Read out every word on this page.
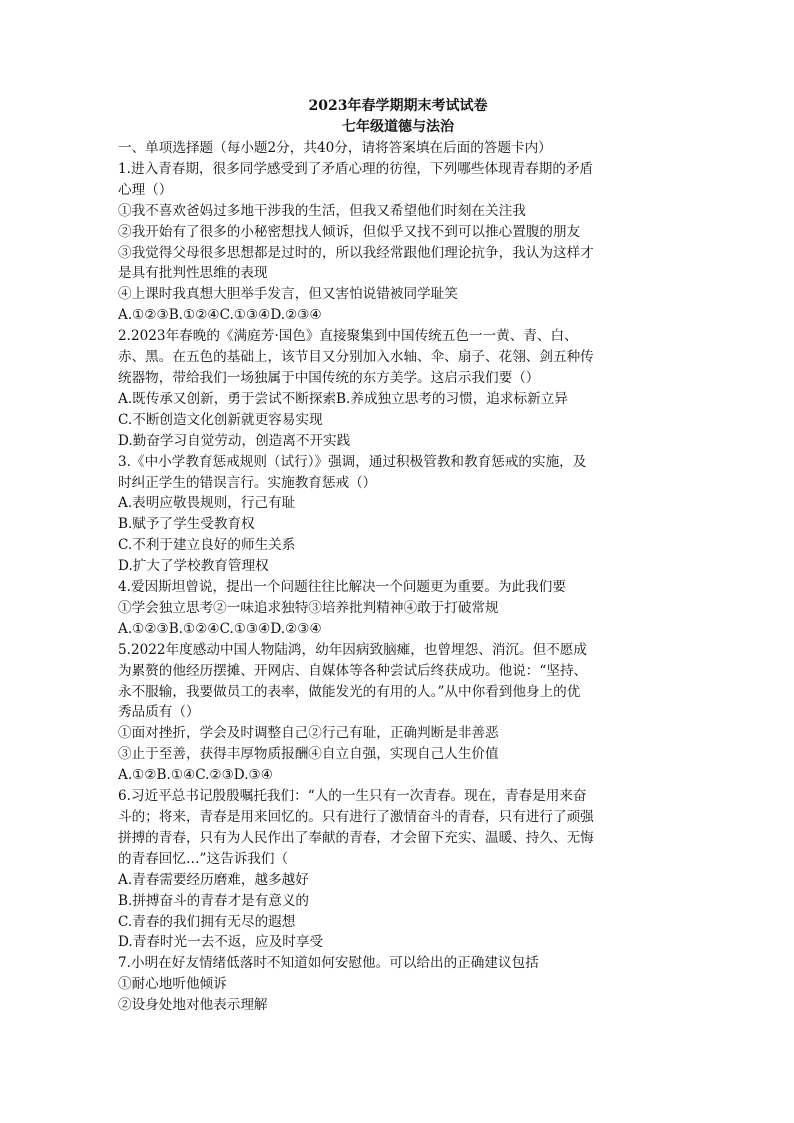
2023年春学期期末考试试卷
七年级道德与法治
一、单项选择题（每小题2分，共40分，请将答案填在后面的答题卡内）
1.进入青春期，很多同学感受到了矛盾心理的彷徨，下列哪些体现青春期的矛盾
心理（）
①我不喜欢爸妈过多地干涉我的生活，但我又希望他们时刻在关注我
②我开始有了很多的小秘密想找人倾诉，但似乎又找不到可以推心置腹的朋友
③我觉得父母很多思想都是过时的，所以我经常跟他们理论抗争，我认为这样才
是具有批判性思维的表现
④上课时我真想大胆举手发言，但又害怕说错被同学耻笑
A.①②③B.①②④C.①③④D.②③④
2.2023年春晚的《满庭芳·国色》直接聚集到中国传统五色一一黄、青、白、
赤、黑。在五色的基础上，该节目又分别加入水轴、伞、扇子、花翎、剑五种传
统器物，带给我们一场独属于中国传统的东方美学。这启示我们要（）
A.既传承又创新，勇于尝试不断探索B.养成独立思考的习惯，追求标新立异
C.不断创造文化创新就更容易实现
D.勤奋学习自觉劳动，创造离不开实践
3.《中小学教育惩戒规则（试行）》强调，通过积极管教和教育惩戒的实施，及
时纠正学生的错误言行。实施教育惩戒（）
A.表明应敬畏规则，行己有耻
B.赋予了学生受教育权
C.不利于建立良好的师生关系
D.扩大了学校教育管理权
4.爱因斯坦曾说，提出一个问题往往比解决一个问题更为重要。为此我们要
①学会独立思考②一味追求独特③培养批判精神④敢于打破常规
A.①②③B.①②④C.①③④D.②③④
5.2022年度感动中国人物陆鸿，幼年因病致脑瘫，也曾埋怨、消沉。但不愿成
为累赘的他经历摆摊、开网店、自媒体等各种尝试后终获成功。他说：“坚持、
永不服输，我要做员工的表率，做能发光的有用的人。”从中你看到他身上的优
秀品质有（）
①面对挫折，学会及时调整自己②行己有耻，正确判断是非善恶
③止于至善，获得丰厚物质报酬④自立自强，实现自己人生价值
A.①②B.①④C.②③D.③④
6.习近平总书记殷殷嘱托我们：“人的一生只有一次青春。现在，青春是用来奋
斗的；将来，青春是用来回忆的。只有进行了激情奋斗的青春，只有进行了顽强
拼搏的青春，只有为人民作出了奉献的青春，才会留下充实、温暖、持久、无悔
的青春回忆…”这告诉我们（
A.青春需要经历磨难，越多越好
B.拼搏奋斗的青春才是有意义的
C.青春的我们拥有无尽的遐想
D.青春时光一去不返，应及时享受
7.小明在好友情绪低落时不知道如何安慰他。可以给出的正确建议包括
①耐心地听他倾诉
②设身处地对他表示理解
